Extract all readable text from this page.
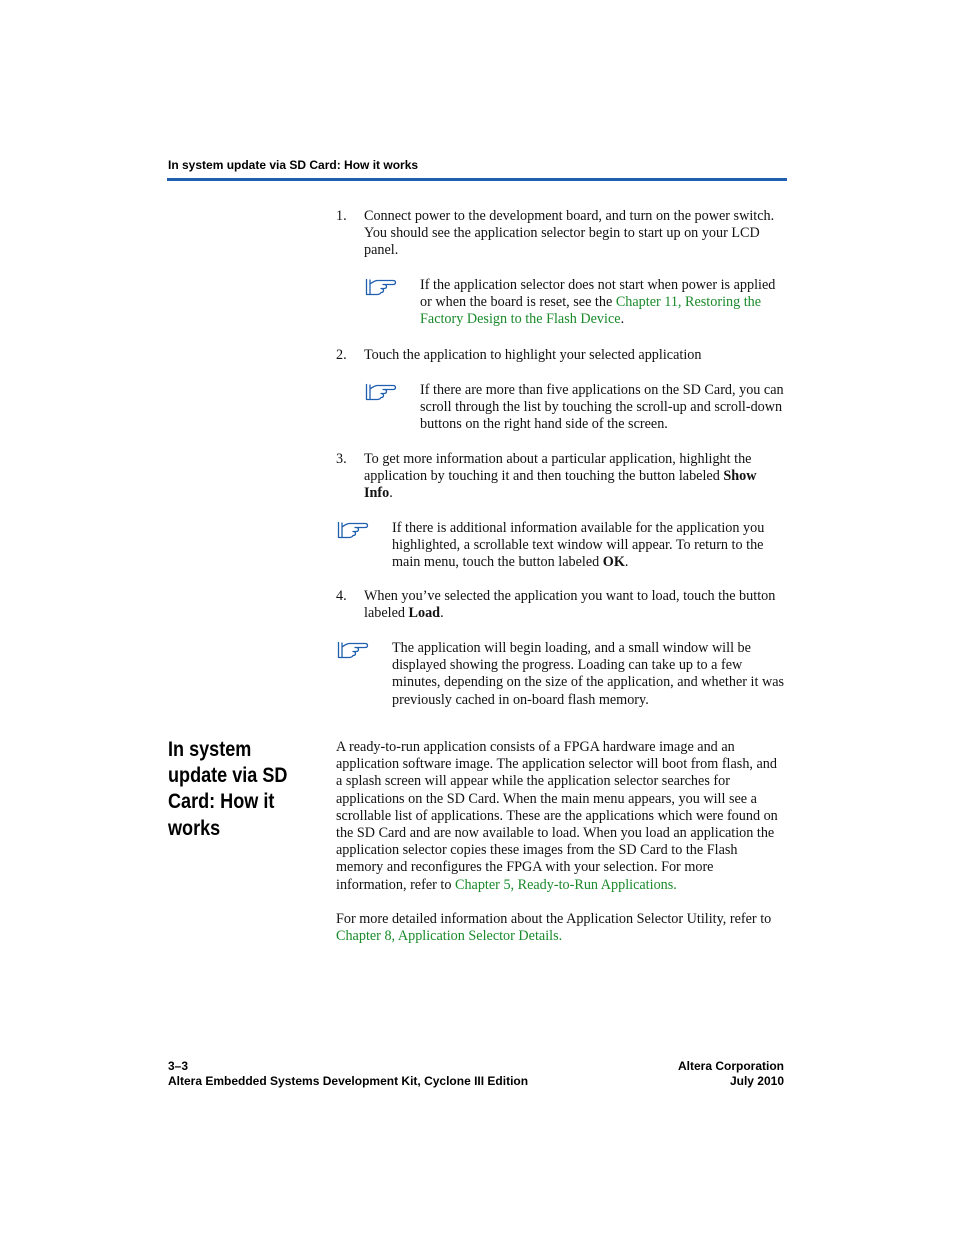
In system update via SD Card: How it works
1. Connect power to the development board, and turn on the power switch. You should see the application selector begin to start up on your LCD panel.
If the application selector does not start when power is applied or when the board is reset, see the Chapter 11, Restoring the Factory Design to the Flash Device.
2. Touch the application to highlight your selected application
If there are more than five applications on the SD Card, you can scroll through the list by touching the scroll-up and scroll-down buttons on the right hand side of the screen.
3. To get more information about a particular application, highlight the application by touching it and then touching the button labeled Show Info.
If there is additional information available for the application you highlighted, a scrollable text window will appear. To return to the main menu, touch the button labeled OK.
4. When you’ve selected the application you want to load, touch the button labeled Load.
The application will begin loading, and a small window will be displayed showing the progress. Loading can take up to a few minutes, depending on the size of the application, and whether it was previously cached in on-board flash memory.
In system update via SD Card: How it works
A ready-to-run application consists of a FPGA hardware image and an application software image. The application selector will boot from flash, and a splash screen will appear while the application selector searches for applications on the SD Card. When the main menu appears, you will see a scrollable list of applications. These are the applications which were found on the SD Card and are now available to load. When you load an application the application selector copies these images from the SD Card to the Flash memory and reconfigures the FPGA with your selection. For more information, refer to Chapter 5, Ready-to-Run Applications.
For more detailed information about the Application Selector Utility, refer to Chapter 8, Application Selector Details.
3–3
Altera Embedded Systems Development Kit, Cyclone III Edition
Altera Corporation
July 2010
